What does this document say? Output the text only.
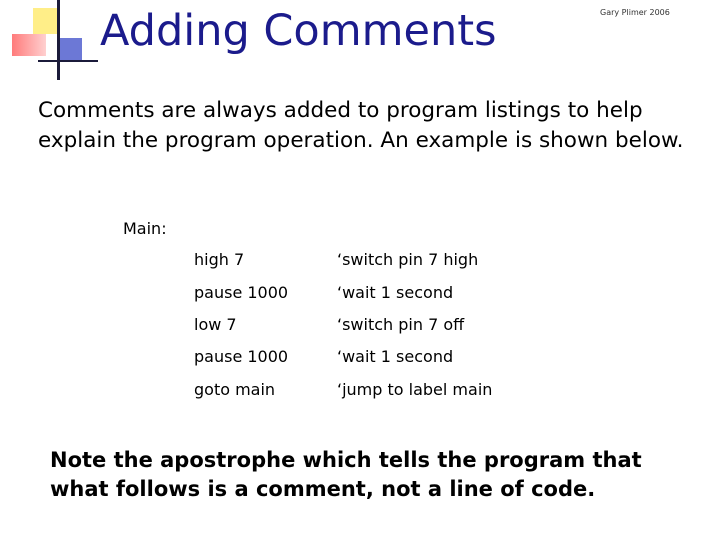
Adding Comments	Gary Plimer 2006
Comments are always added to program listings to help explain the program operation. An example is shown below.
Main:
high 7	‘switch pin 7 high
pause 1000	‘wait 1 second
low 7	‘switch pin 7 off
pause 1000	‘wait 1 second
goto main	‘jump to label main
Note the apostrophe which tells the program that what follows is a comment, not a line of code.
